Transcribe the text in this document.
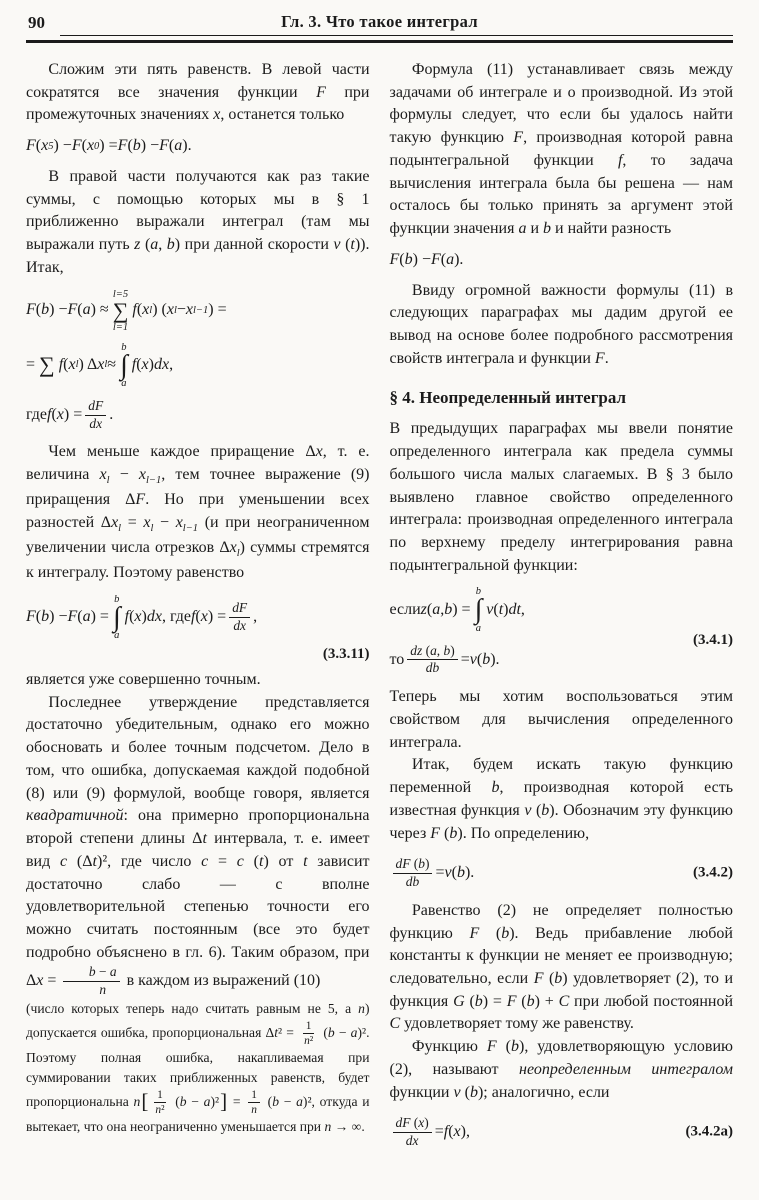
90	Гл. 3. Что такое интеграл
Сложим эти пять равенств. В левой части сократятся все значения функции F при промежуточных значениях x, останется только
F ( x 5 ) − F ( x 0 ) = F ( b ) − F ( a ).
В правой части получаются как раз такие суммы, с помощью которых мы в § 1 приближенно выражали интеграл (там мы выражали путь z (a, b) при данной скорости v (t)). Итак,
F ( b ) − F ( a ) ≈
l=5
∑
l=1
f ( x l ) ( x l − x l−1 ) =
= ∑ f ( x l ) Δ x l ≈
b
∫
a
f ( x ) dx ,
где f ( x ) = $\frac{dF}{dx}$ .
Чем меньше каждое приращение Δx, т. е. величина $x_l - x_{l-1}$, тем точнее выражение (9) приращения ΔF. Но при уменьшении всех разностей $\Delta x_l = x_l - x_{l-1}$ (и при неограниченном увеличении числа отрезков $\Delta x_l$) суммы стремятся к интегралу. Поэтому равенство
F ( b ) − F ( a ) =
b
∫
a
f ( x ) dx , где f ( x ) = $\frac{dF}{dx}$ ,
(3.3.11)
является уже совершенно точным.
Последнее утверждение представляется достаточно убедительным, однако его можно обосновать и более точным подсчетом. Дело в том, что ошибка, допускаемая каждой подобной (8) или (9) формулой, вообще говоря, является квадратичной: она примерно пропорциональна второй степени длины Δt интервала, т. е. имеет вид c (Δt)², где число c = c (t) от t зависит достаточно слабо — с вполне удовлетворительной степенью точности его можно считать постоянным (все это будет подробно объяснено в гл. 6). Таким образом, при $\Delta x = \frac{b - a}{n}$ в каждом из выражений (10)
(число которых теперь надо считать равным не 5, а n) допускается ошибка, пропорциональная $\Delta t^2 = \frac{1}{\text{n²}} (b - a)^2$. Поэтому полная ошибка, накапливаемая при суммировании таких приближенных равенств, будет пропорциональна $n[ \frac{1}{\text{n²}} (b - a)^2] = \frac{1}{n} (b - a)^2$, откуда и вытекает, что она неограниченно уменьшается при n → ∞.
Формула (11) устанавливает связь между задачами об интеграле и о производной. Из этой формулы следует, что если бы удалось найти такую функцию F, производная которой равна подынтегральной функции f, то задача вычисления интеграла была бы решена — нам осталось бы только принять за аргумент этой функции значения a и b и найти разность
F ( b ) − F ( a ).
Ввиду огромной важности формулы (11) в следующих параграфах мы дадим другой ее вывод на основе более подробного рассмотрения свойств интеграла и функции F.
§ 4. Неопределенный интеграл
В предыдущих параграфах мы ввели понятие определенного интеграла как предела суммы большого числа малых слагаемых. В § 3 было выявлено главное свойство определенного интеграла: производная определенного интеграла по верхнему пределу интегрирования равна подынтегральной функции:
если z ( a , b ) =
b
∫
a
v ( t ) dt ,
(3.4.1)
то $\frac{dz (a, b)}{db} = v$ ( b ).
Теперь мы хотим воспользоваться этим свойством для вычисления определенного интеграла.
Итак, будем искать такую функцию переменной b, производная которой есть известная функция v (b). Обозначим эту функцию через F (b). По определению,
$\frac{dF (b)}{db} = v$ ( b ).	(3.4.2)
Равенство (2) не определяет полностью функцию F (b). Ведь прибавление любой константы к функции не меняет ее производную; следовательно, если F (b) удовлетворяет (2), то и функция G (b) = F (b) + C при любой постоянной C удовлетворяет тому же равенству.
Функцию F (b), удовлетворяющую условию (2), называют неопределенным интегралом функции v (b); аналогично, если
$\frac{dF (x)}{dx} = f$ ( x ),	(3.4.2а)
